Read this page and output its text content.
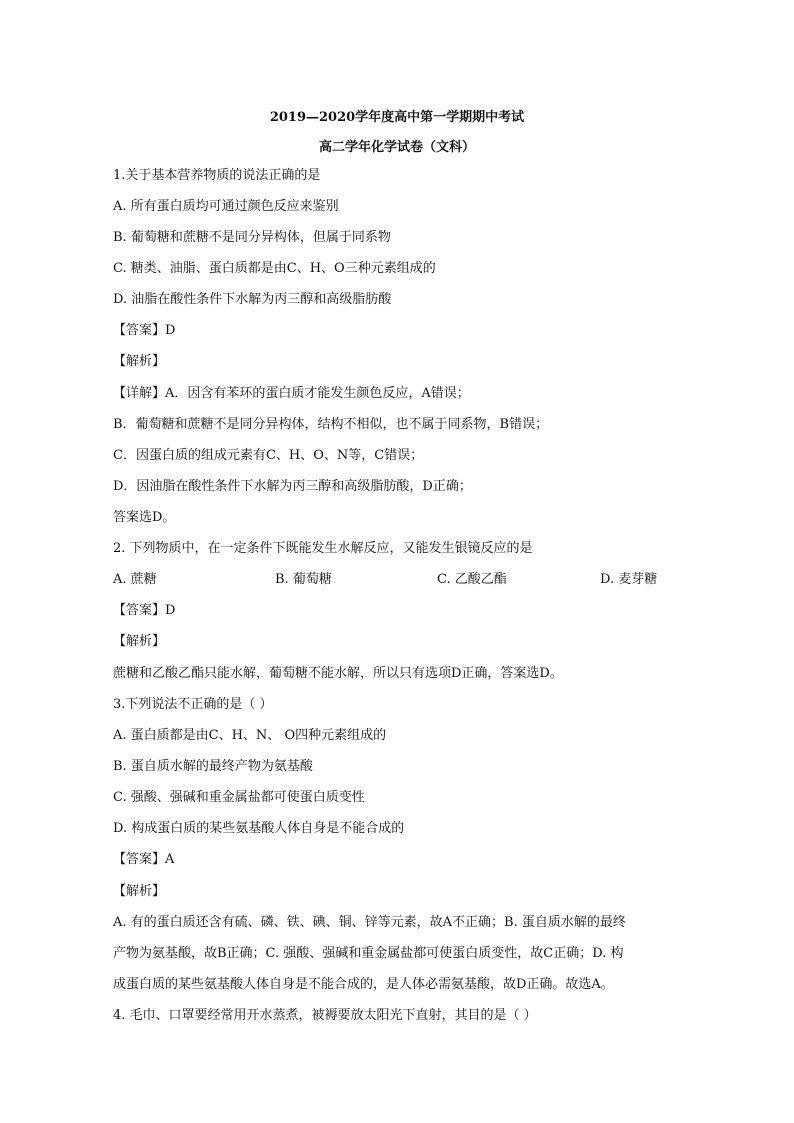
2019—2020学年度高中第一学期期中考试
高二学年化学试卷（文科）
1.关于基本营养物质的说法正确的是
A. 所有蛋白质均可通过颜色反应来鉴别
B. 葡萄糖和蔗糖不是同分异构体，但属于同系物
C. 糖类、油脂、蛋白质都是由C、H、O三种元素组成的
D. 油脂在酸性条件下水解为丙三醇和高级脂肪酸
【答案】D
【解析】
【详解】A．因含有苯环的蛋白质才能发生颜色反应，A错误；
B．葡萄糖和蔗糖不是同分异构体，结构不相似，也不属于同系物，B错误；
C．因蛋白质的组成元素有C、H、O、N等，C错误；
D．因油脂在酸性条件下水解为丙三醇和高级脂肪酸，D正确；
答案选D。
2. 下列物质中，在一定条件下既能发生水解反应，又能发生银镜反应的是
A. 蔗糖	B. 葡萄糖	C. 乙酸乙酯	D. 麦芽糖
【答案】D
【解析】
蔗糖和乙酸乙酯只能水解，葡萄糖不能水解，所以只有选项D正确，答案选D。
3.下列说法不正确的是（ ）
A. 蛋白质都是由C、H、N、 O四种元素组成的
B. 蛋自质水解的最终产物为氨基酸
C. 强酸、强碱和重金属盐都可使蛋白质变性
D. 构成蛋白质的某些氨基酸人体自身是不能合成的
【答案】A
【解析】
A. 有的蛋白质还含有硫、磷、铁、碘、铜、锌等元素，故A不正确；B. 蛋自质水解的最终
产物为氨基酸，故B正确；C. 强酸、强碱和重金属盐都可使蛋白质变性，故C正确；D. 构
成蛋白质的某些氨基酸人体自身是不能合成的，是人体必需氨基酸，故D正确。故选A。
4. 毛巾、口罩要经常用开水蒸煮，被褥要放太阳光下直射，其目的是（ ）
